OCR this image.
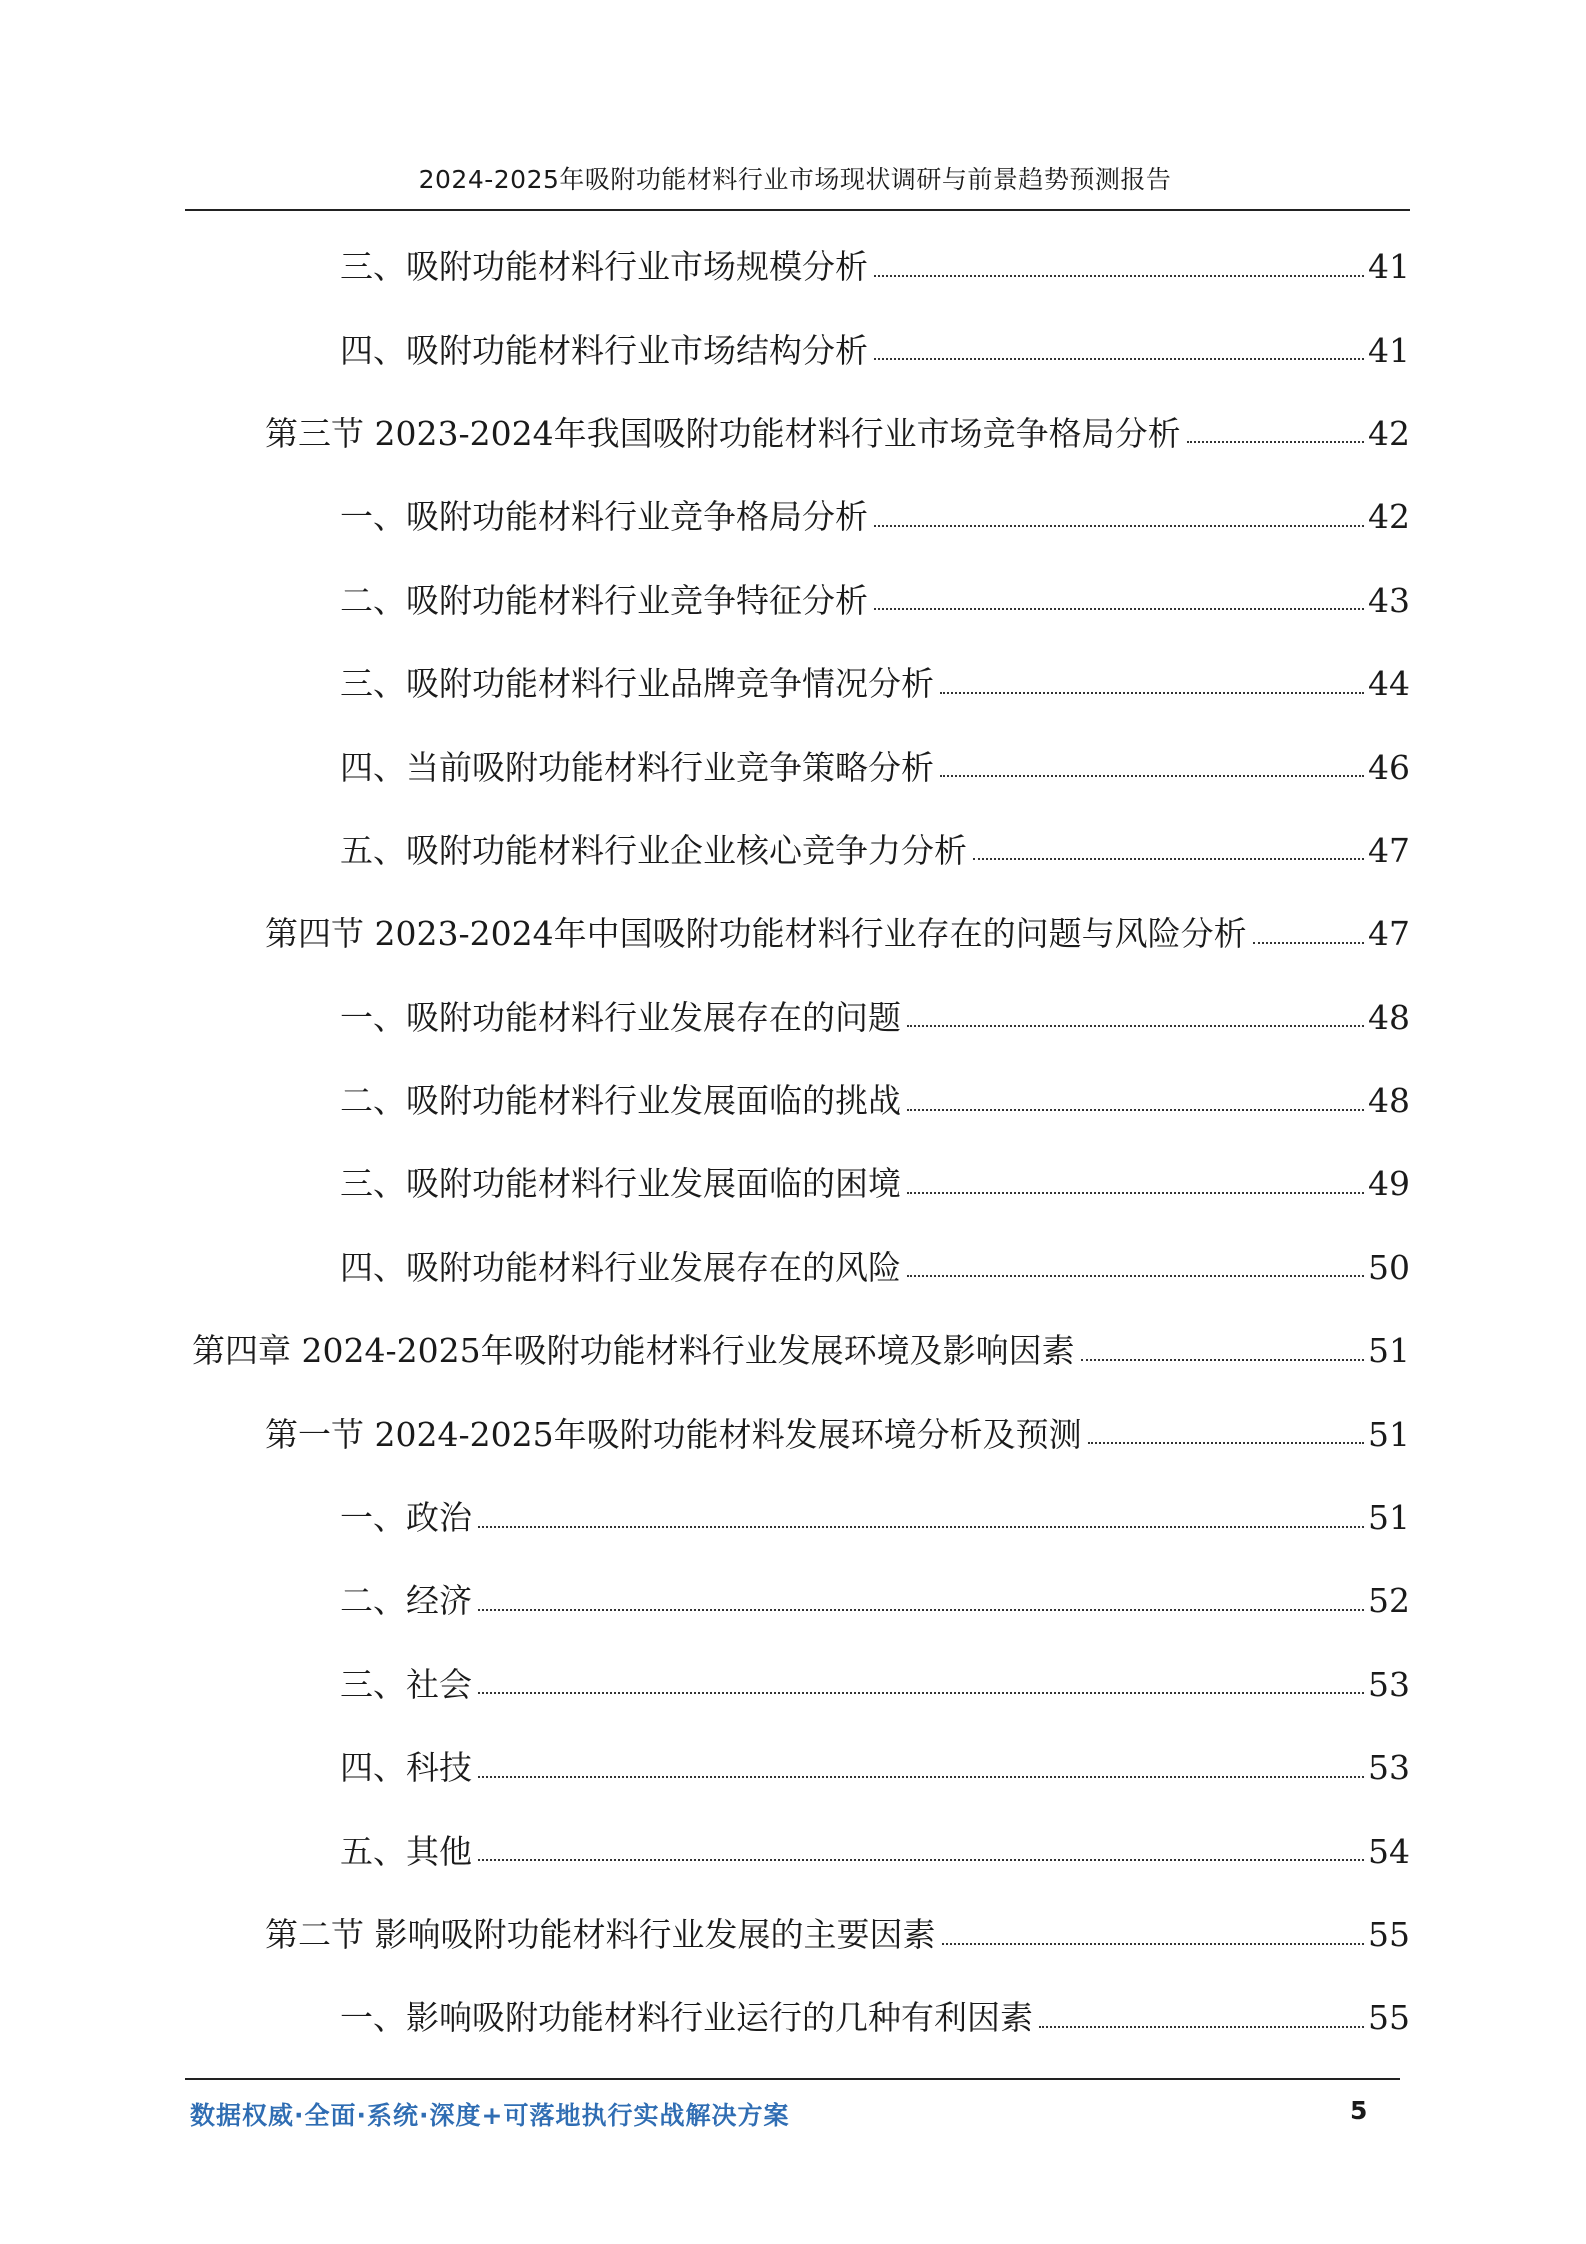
2024-2025年吸附功能材料行业市场现状调研与前景趋势预测报告
三、吸附功能材料行业市场规模分析	41
四、吸附功能材料行业市场结构分析	41
第三节 2023-2024年我国吸附功能材料行业市场竞争格局分析	42
一、吸附功能材料行业竞争格局分析	42
二、吸附功能材料行业竞争特征分析	43
三、吸附功能材料行业品牌竞争情况分析	44
四、当前吸附功能材料行业竞争策略分析	46
五、吸附功能材料行业企业核心竞争力分析	47
第四节 2023-2024年中国吸附功能材料行业存在的问题与风险分析	47
一、吸附功能材料行业发展存在的问题	48
二、吸附功能材料行业发展面临的挑战	48
三、吸附功能材料行业发展面临的困境	49
四、吸附功能材料行业发展存在的风险	50
第四章 2024-2025年吸附功能材料行业发展环境及影响因素	51
第一节 2024-2025年吸附功能材料发展环境分析及预测	51
一、政治	51
二、经济	52
三、社会	53
四、科技	53
五、其他	54
第二节 影响吸附功能材料行业发展的主要因素	55
一、影响吸附功能材料行业运行的几种有利因素	55
数据权威·全面·系统·深度+可落地执行实战解决方案	5
